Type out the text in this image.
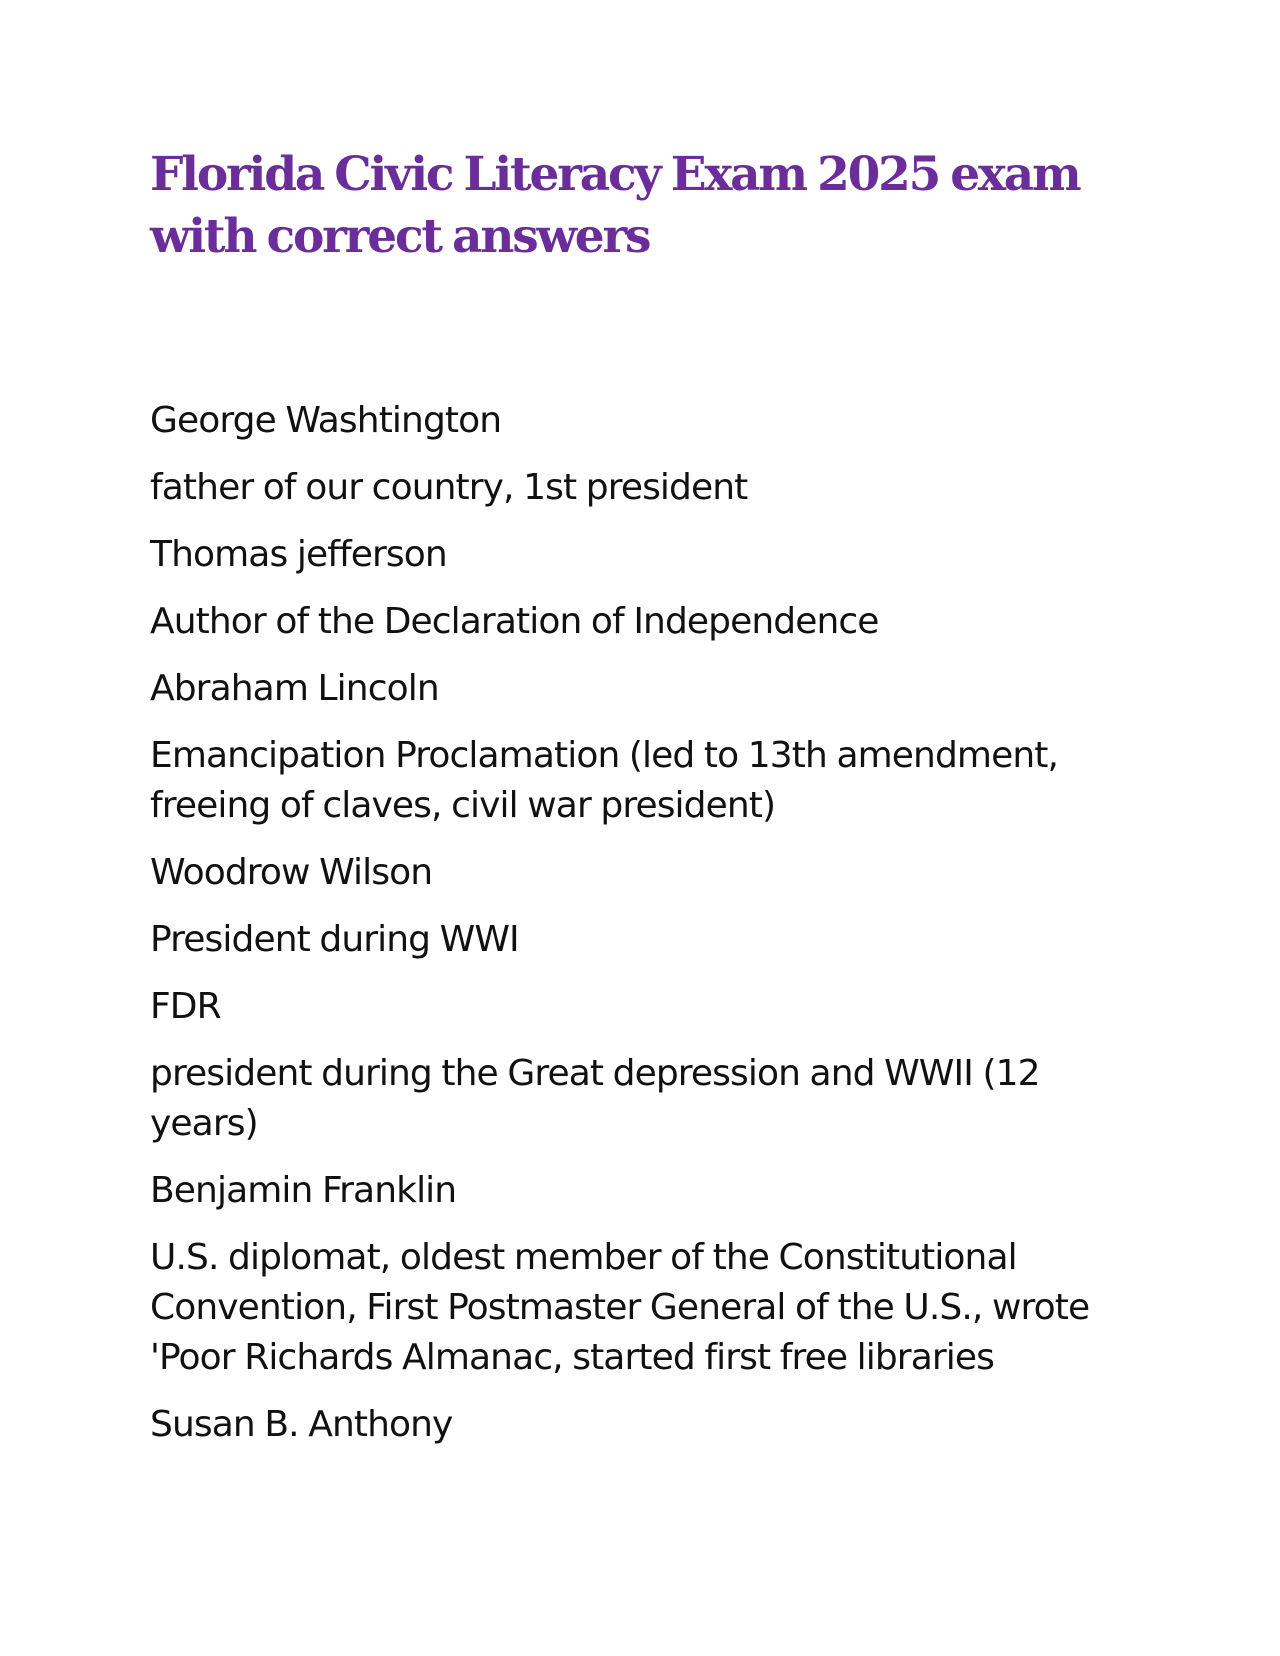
Florida Civic Literacy Exam 2025 exam with correct answers
George Washtington
father of our country, 1st president
Thomas jefferson
Author of the Declaration of Independence
Abraham Lincoln
Emancipation Proclamation (led to 13th amendment, freeing of claves, civil war president)
Woodrow Wilson
President during WWI
FDR
president during the Great depression and WWII (12 years)
Benjamin Franklin
U.S. diplomat, oldest member of the Constitutional Convention, First Postmaster General of the U.S., wrote 'Poor Richards Almanac, started first free libraries
Susan B. Anthony
